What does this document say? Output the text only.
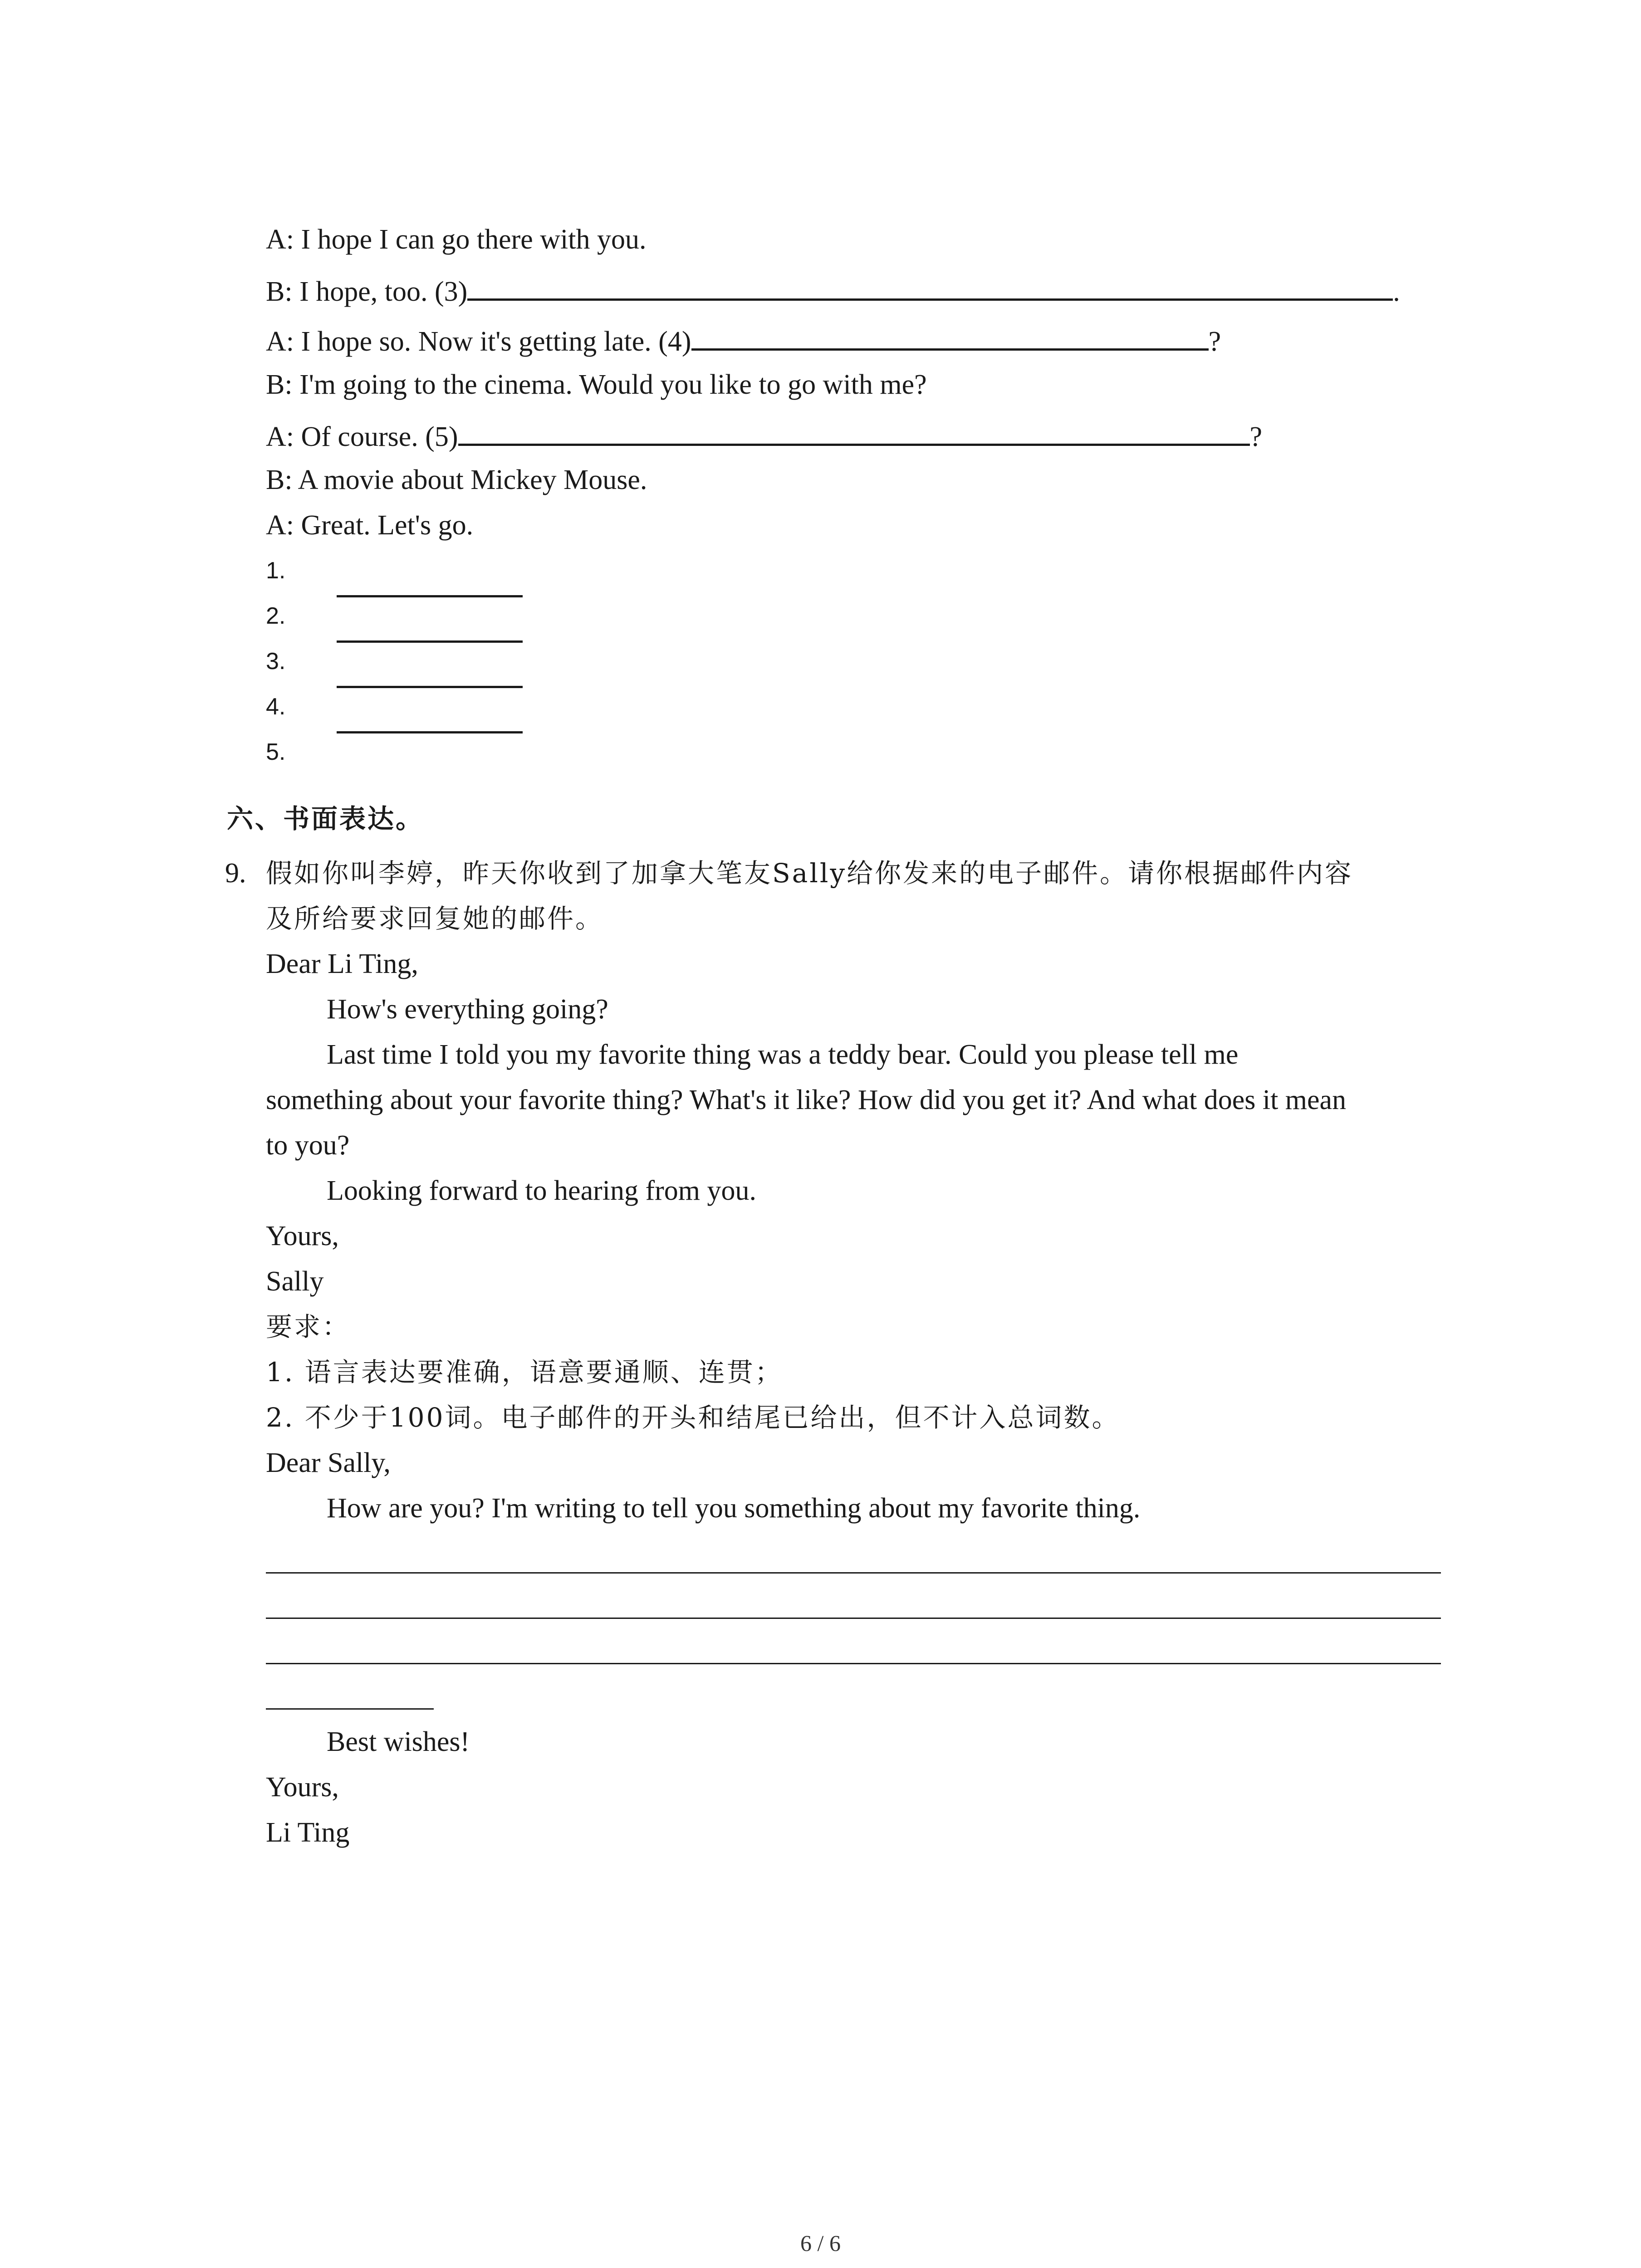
A: I hope I can go there with you.
B: I hope, too. (3)	.
A: I hope so. Now it's getting late. (4)	?
B: I'm going to the cinema. Would you like to go with me?
A: Of course. (5)	?
B: A movie about Mickey Mouse.
A: Great. Let's go.
1.
2.
3.
4.
5.
六、书面表达。
9. 假如你叫李婷，昨天你收到了加拿大笔友Sally给你发来的电子邮件。请你根据邮件内容
及所给要求回复她的邮件。
Dear Li Ting,
How's everything going?
Last time I told you my favorite thing was a teddy bear. Could you please tell me
something about your favorite thing? What's it like? How did you get it? And what does it mean
to you?
Looking forward to hearing from you.
Yours,
Sally
要求：
1. 语言表达要准确，语意要通顺、连贯；
2. 不少于100词。电子邮件的开头和结尾已给出，但不计入总词数。
Dear Sally,
How are you? I'm writing to tell you something about my favorite thing.
Best wishes!
Yours,
Li Ting
6 / 6
